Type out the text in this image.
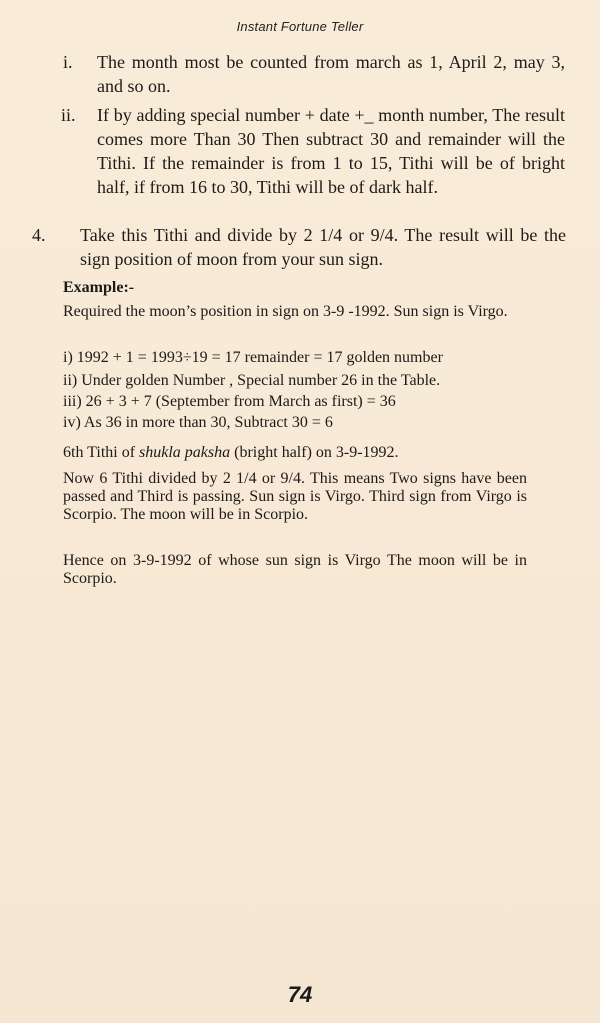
Instant Fortune Teller
i. The month most be counted from march as 1, April 2, may 3, and so on.
ii. If by adding special number + date +_ month number, The result comes more Than 30 Then subtract 30 and remainder will the Tithi. If the remainder is from 1 to 15, Tithi will be of bright half, if from 16 to 30, Tithi will be of dark half.
4. Take this Tithi and divide by 2 1/4 or 9/4. The result will be the sign position of moon from your sun sign.
Example:-
Required the moon’s position in sign on 3-9 -1992. Sun sign is Virgo.
i) 1992 + 1 = 1993÷19 = 17 remainder = 17 golden number
ii) Under golden Number , Special number 26 in the Table.
iii) 26 + 3 + 7 (September from March as first) = 36
iv) As 36 in more than 30, Subtract 30 = 6
6th Tithi of shukla paksha (bright half) on 3-9-1992.
Now 6 Tithi divided by 2 1/4 or 9/4. This means Two signs have been passed and Third is passing. Sun sign is Virgo. Third sign from Virgo is Scorpio. The moon will be in Scorpio.
Hence on 3-9-1992 of whose sun sign is Virgo The moon will be in Scorpio.
74
